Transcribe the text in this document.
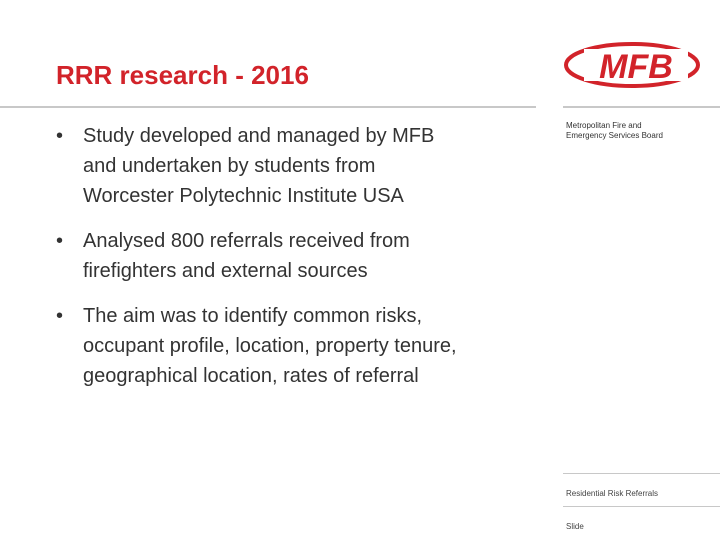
RRR research - 2016	MFB
Metropolitan Fire and
Emergency Services Board
• Study developed and managed by MFB
and undertaken by students from
Worcester Polytechnic Institute USA
• Analysed 800 referrals received from
firefighters and external sources
• The aim was to identify common risks,
occupant profile, location, property tenure,
geographical location, rates of referral
Residential Risk Referrals
Slide
